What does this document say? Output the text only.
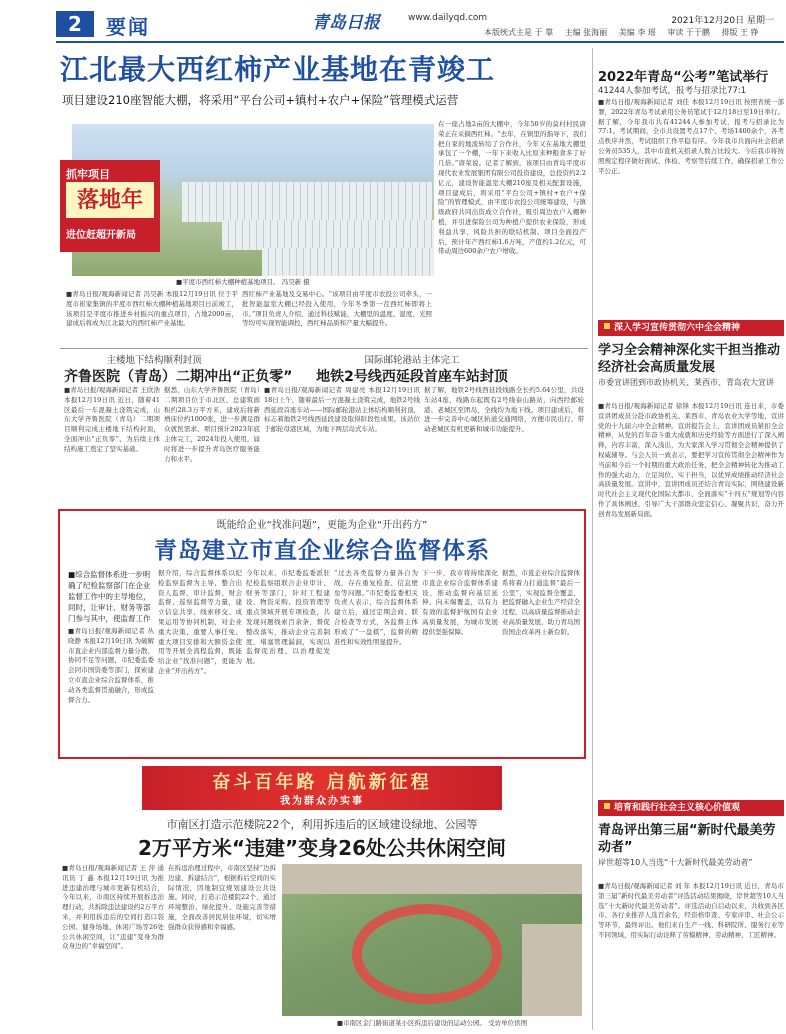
2	要闻	青岛日报	www.dailyqd.com	2021年12月20日 星期一
本版统式主是 于 靠 主编 张海丽 美编 李 瑶 审读 于于鹏 排版 王 铮
江北最大西红柿产业基地在青竣工
项目建设210座智能大棚，将采用“平台公司+镇村+农户+保险”管理模式运营
抓牢项目
落地年
进位赶超开新局
■平度市西红柿大棚种植基地项目。 冯昊新 摄
在一座占地2亩的大棚中，今年50岁的莫村村民唐荣正在采摘西红柿。“去年，在镇里的指导下，我们把自家的地流转给了合作社，今年又在基地大棚里承包了一个棚，一年下来收入比原来种粮食多了好几倍。”唐荣说。记者了解到，该项目由青岛平度市现代农业发展集团有限公司投资建设，总投资约2.2亿元，建设智能温室大棚210座及相关配套设施，项目建成后，将采用“平台公司+镇村+农户+保险”的管理模式，由平度市农投公司统筹建设，与镇级政府共同出资成立合作社，吸引周边农户入棚种植，并引进保险公司为种植户提供农业保险，形成利益共享、风险共担的联结机制。项目全面投产后，预计年产西红柿1.6万吨，产值约1.2亿元，可带动周边600余户农户增收。
■青岛日报/观海新闻记者 冯昊新 本报12月19日讯 位于平度市崔家集镇的平度市西红柿大棚种植基地项目日前竣工，该项目是平度市推进乡村振兴的重点项目，占地2000亩，建成后将成为江北最大的西红柿产业基地。
西红柿产业基地及交易中心。“该项目由平度市农投公司牵头，一批智能温室大棚已经投入使用，今年冬季第一茬西红柿即将上市。”项目负责人介绍，通过科技赋能，大棚里的温度、湿度、光照等均可实现智能调控，西红柿品质和产量大幅提升。
主楼地下结构顺利封顶
齐鲁医院（青岛）二期冲出“正负零”
■青岛日报/观海新闻记者 王欣浩 本报12月19日讯 近日，随着41区最后一车混凝土浇筑完成，山东大学齐鲁医院（青岛）二期项目顺利完成主楼地下结构封顶，全面冲出“正负零”，为后续主体结构施工奠定了坚实基础。
据悉，山东大学齐鲁医院（青岛）二期项目位于市北区，总建筑面积约28.3万平方米，建成后将新增床位约1000张，进一步满足群众就医需求。项目预计2023年底主体完工，2024年投入使用，届时将进一步提升青岛医疗服务能力和水平。
国际邮轮港站主体完工
地铁2号线西延段首座车站封顶
■青岛日报/观海新闻记者 周建亮 本报12月19日讯 18日上午，随着最后一方混凝土浇筑完成，地铁2号线西延段首座车站——国际邮轮港站主体结构顺利封顶，标志着地铁2号线西延段建设取得阶段性成果。该站位于邮轮母港区域，为地下两层岛式车站。
据了解，地铁2号线西延段线路全长约5.64公里，共设车站4座，线路东起既有2号线泰山路站，向西经邮轮港、老城区至团岛，全线均为地下线。项目建成后，将进一步完善中心城区轨道交通网络，方便市民出行，带动老城区有机更新和城市功能提升。
既能给企业“找准问题”，更能为企业“开出药方”
青岛建立市直企业综合监督体系
■综合监督体系进一步明确了纪检监察部门在企业监督工作中的主导地位，同时，让审计、财务等部门参与其中，使监督工作
■青岛日报/观海新闻记者 丛晓静 本报12月19日讯 为破解市直企业内部监督力量分散、协同不足等问题，市纪委监委会同市国资委等部门，探索建立市直企业综合监督体系，推动各类监督贯通融合，形成监督合力。
据介绍，综合监督体系以纪检监察监督为主导，整合出资人监督、审计监督、财会监督、巡察监督等力量，建立信息共享、线索移交、成果运用等协同机制，对企业重大决策、重要人事任免、重大项目安排和大额资金使用等开展全流程监督，既能给企业“找准问题”，更能为企业“开出药方”。
今年以来，市纪委监委派驻纪检监察组联合企业审计、财务等部门，针对工程建设、物资采购、投资管理等重点领域开展专项检查，共发现问题线索百余条，督促整改落实，推动企业完善制度，堵塞管理漏洞，实现以监督促治理、以治理促发展。
“过去各类监督力量各自为战，存在重复检查、信息壁垒等问题。”市纪委监委相关负责人表示，综合监督体系建立后，通过定期会商、联合检查等方式，各监督主体形成了“一盘棋”，监督的精准性和实效性明显提升。
下一步，我市将持续深化市直企业综合监督体系建设，推动监督向基层延伸、向末端覆盖，以有力有效的监督护航国有企业高质量发展，为城市发展提供坚强保障。
据悉，市直企业综合监督体系将着力打通监督“最后一公里”，实现监督全覆盖，把监督融入企业生产经营全过程，以高质量监督推动企业高质量发展，助力青岛国资国企改革再上新台阶。
奋斗百年路 启航新征程
我为群众办实事
市南区打造示范楼院22个，利用拆违后的区域建设绿地、公园等
2万平方米“违建”变身26处公共休闲空间
■青岛日报/观海新闻记者 王 萍 通讯员 丁 鑫 本报12月19日讯 为推进违建治理与城市更新有机结合，今年以来，市南区持续开展拆违治理行动，共拆除违法建设约2万平方米，并利用拆违后的空间打造口袋公园、健身场地、休闲广场等26处公共休闲空间，让“违建”变身为群众身边的“幸福空间”。
在拆违治理过程中，市南区坚持“边拆边建、拆建结合”，根据拆后空间的实际情况，因地制宜规划建设公共设施。同时，打造示范楼院22个，通过环境整治、绿化提升、设施完善等措施，全面改善居民居住环境，切实增强群众获得感和幸福感。
■市南区金门路街道某小区拆违后建设的运动公园。 受访单位供图
2022年青岛“公考”笔试举行
41244人参加考试，报考与招录比77:1
■青岛日报/观海新闻记者 刘佳 本报12月19日讯 按照省统一部署，2022年青岛考试录用公务员笔试于12月18日至19日举行。据了解，今年我市共有41244人参加考试，报考与招录比为77:1。考试期间，全市共设置考点17个、考场1400余个，各考点秩序井然，考试组织工作平稳有序。今年我市共面向社会招录公务员535人，其中市直机关招录人数占比较大。今后我市将按照规定程序做好面试、体检、考察等后续工作，确保招录工作公平公正。
深入学习宣传贯彻六中全会精神
学习全会精神深化实干担当推动经济社会高质量发展
市委宣讲团到市政协机关、莱西市、青岛农大宣讲
■青岛日报/观海新闻记者 徐锋 本报12月19日讯 连日来，市委宣讲团成员分赴市政协机关、莱西市、青岛农业大学等地，宣讲党的十九届六中全会精神。宣讲报告会上，宣讲团成员紧扣全会精神，从党的百年奋斗重大成就和历史经验等方面进行了深入阐释，内容丰富，深入浅出，为大家深入学习贯彻全会精神提供了权威辅导。与会人员一致表示，要把学习宣传贯彻全会精神作为当前和今后一个时期的重大政治任务，把全会精神转化为推动工作的强大动力，立足岗位、实干担当，以优异成绩推动经济社会高质量发展。宣讲中，宣讲团成员还结合青岛实际，围绕建设新时代社会主义现代化国际大都市、全面落实“十四五”规划等内容作了具体阐述，引导广大干部群众坚定信心、凝聚共识，奋力开创青岛发展新局面。
培育和践行社会主义核心价值观
青岛评出第三届“新时代最美劳动者”
岸世超等10人当选“十大新时代最美劳动者”
■青岛日报/观海新闻记者 刘 年 本报12月19日讯 近日，青岛市第三届“新时代最美劳动者”评选活动结果揭晓，岸世超等10人当选“十大新时代最美劳动者”。评选活动自启动以来，共收到各区市、各行业推荐人选百余名，经资格审查、专家评审、社会公示等环节，最终评出。他们来自生产一线、科研院所、服务行业等不同领域，用实际行动诠释了劳模精神、劳动精神、工匠精神。
